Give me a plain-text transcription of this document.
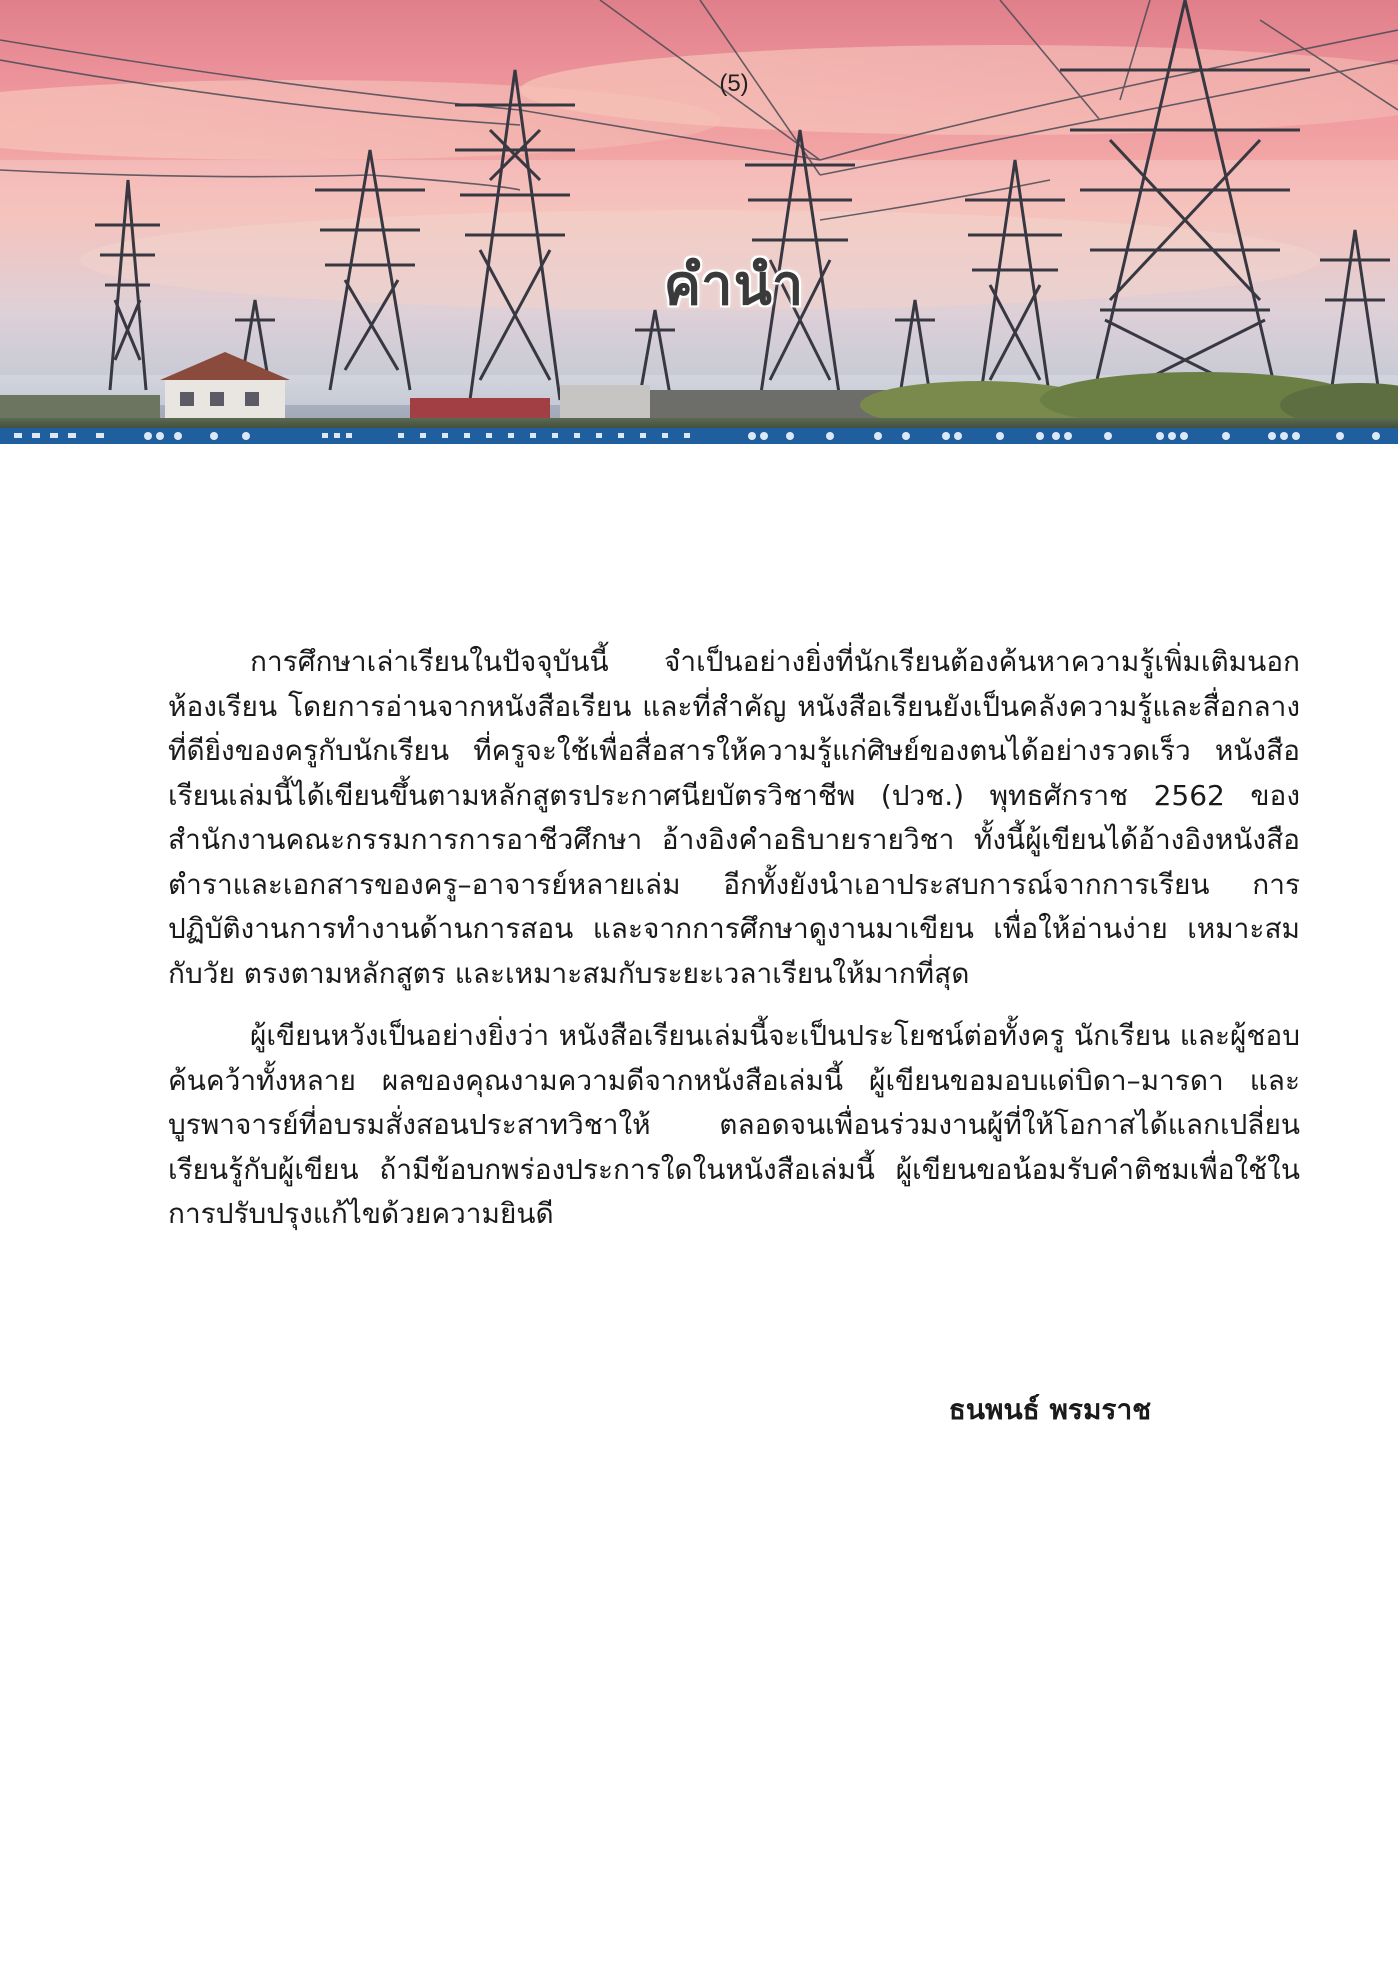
(5)
คำนำ

การศึกษาเล่าเรียนในปัจจุบันนี้ จำเป็นอย่างยิ่งที่นักเรียนต้องค้นหาความรู้เพิ่มเติมนอกห้องเรียน โดยการอ่านจากหนังสือเรียน และที่สำคัญ หนังสือเรียนยังเป็นคลังความรู้และสื่อกลางที่ดียิ่งของครูกับนักเรียน ที่ครูจะใช้เพื่อสื่อสารให้ความรู้แก่ศิษย์ของตนได้อย่างรวดเร็ว หนังสือเรียนเล่มนี้ได้เขียนขึ้นตามหลักสูตรประกาศนียบัตรวิชาชีพ (ปวช.) พุทธศักราช 2562 ของสำนักงานคณะกรรมการการอาชีวศึกษา อ้างอิงคำอธิบายรายวิชา ทั้งนี้ผู้เขียนได้อ้างอิงหนังสือ ตำราและเอกสารของครู–อาจารย์หลายเล่ม อีกทั้งยังนำเอาประสบการณ์จากการเรียน การปฏิบัติงานการทำงานด้านการสอน และจากการศึกษาดูงานมาเขียน เพื่อให้อ่านง่าย เหมาะสมกับวัย ตรงตามหลักสูตร และเหมาะสมกับระยะเวลาเรียนให้มากที่สุด

ผู้เขียนหวังเป็นอย่างยิ่งว่า หนังสือเรียนเล่มนี้จะเป็นประโยชน์ต่อทั้งครู นักเรียน และผู้ชอบค้นคว้าทั้งหลาย ผลของคุณงามความดีจากหนังสือเล่มนี้ ผู้เขียนขอมอบแด่บิดา–มารดา และบูรพาจารย์ที่อบรมสั่งสอนประสาทวิชาให้ ตลอดจนเพื่อนร่วมงานผู้ที่ให้โอกาสได้แลกเปลี่ยนเรียนรู้กับผู้เขียน ถ้ามีข้อบกพร่องประการใดในหนังสือเล่มนี้ ผู้เขียนขอน้อมรับคำติชมเพื่อใช้ในการปรับปรุงแก้ไขด้วยความยินดี

ธนพนธ์ พรมราช
